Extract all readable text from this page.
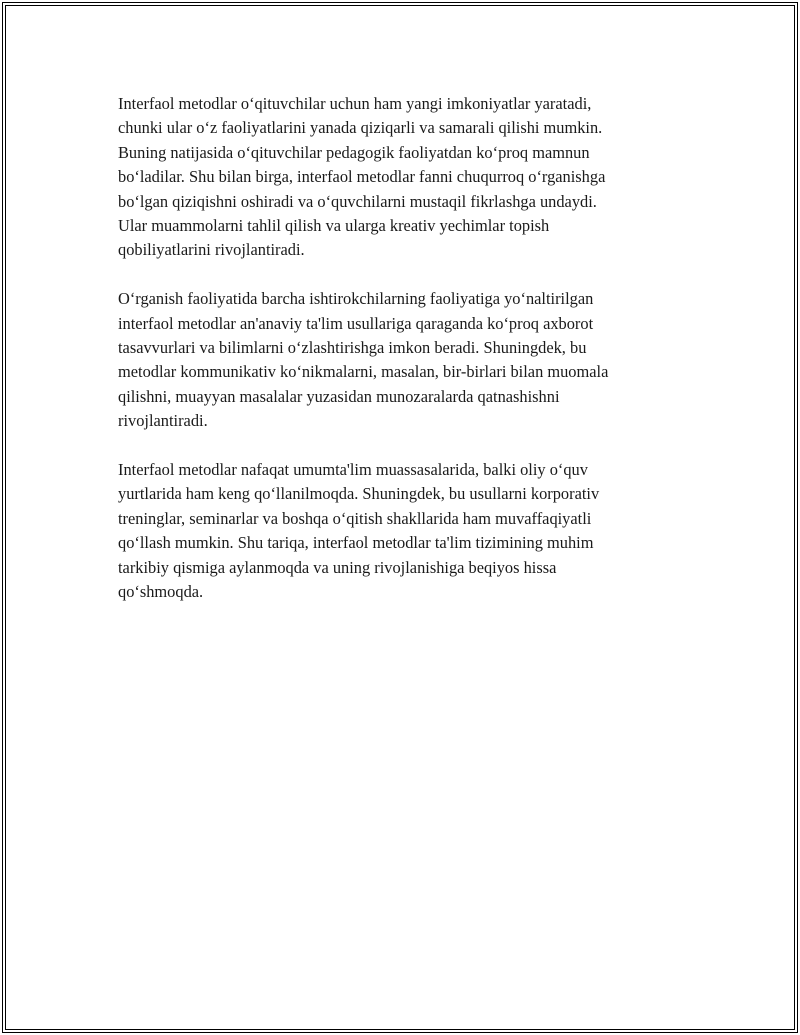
Interfaol metodlar o‘qituvchilar uchun ham yangi imkoniyatlar yaratadi,
chunki ular o‘z faoliyatlarini yanada qiziqarli va samarali qilishi mumkin.
Buning natijasida o‘qituvchilar pedagogik faoliyatdan ko‘proq mamnun
bo‘ladilar. Shu bilan birga, interfaol metodlar fanni chuqurroq o‘rganishga
bo‘lgan qiziqishni oshiradi va o‘quvchilarni mustaqil fikrlashga undaydi.
Ular muammolarni tahlil qilish va ularga kreativ yechimlar topish
qobiliyatlarini rivojlantiradi.

O‘rganish faoliyatida barcha ishtirokchilarning faoliyatiga yo‘naltirilgan
interfaol metodlar an'anaviy ta'lim usullariga qaraganda ko‘proq axborot
tasavvurlari va bilimlarni o‘zlashtirishga imkon beradi. Shuningdek, bu
metodlar kommunikativ ko‘nikmalarni, masalan, bir-birlari bilan muomala
qilishni, muayyan masalalar yuzasidan munozaralarda qatnashishni
rivojlantiradi.

Interfaol metodlar nafaqat umumta'lim muassasalarida, balki oliy o‘quv
yurtlarida ham keng qo‘llanilmoqda. Shuningdek, bu usullarni korporativ
treninglar, seminarlar va boshqa o‘qitish shakllarida ham muvaffaqiyatli
qo‘llash mumkin. Shu tariqa, interfaol metodlar ta'lim tizimining muhim
tarkibiy qismiga aylanmoqda va uning rivojlanishiga beqiyos hissa
qo‘shmoqda.
